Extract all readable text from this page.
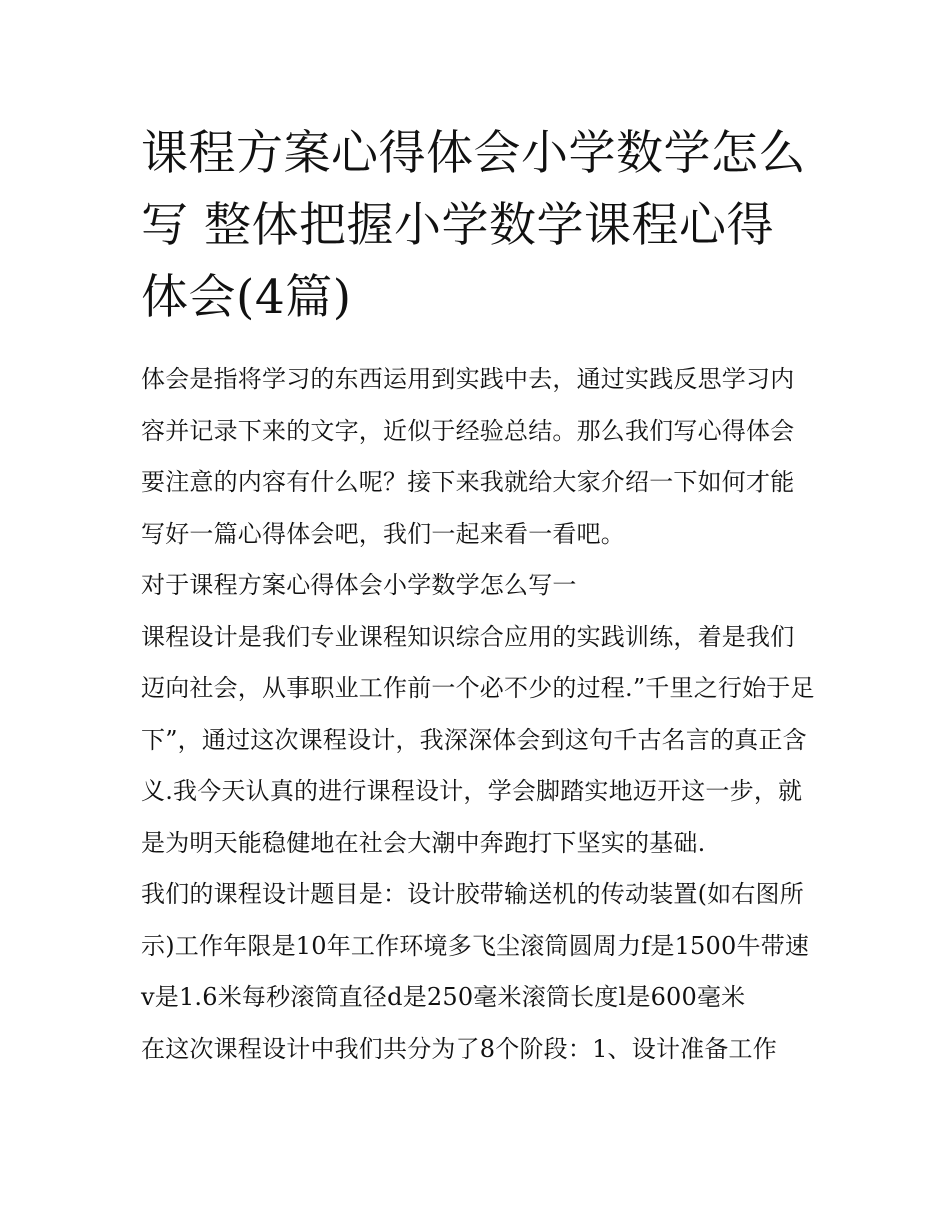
课程方案心得体会小学数学怎么写 整体把握小学数学课程心得体会(4篇)

体会是指将学习的东西运用到实践中去，通过实践反思学习内容并记录下来的文字，近似于经验总结。那么我们写心得体会要注意的内容有什么呢？接下来我就给大家介绍一下如何才能写好一篇心得体会吧，我们一起来看一看吧。

对于课程方案心得体会小学数学怎么写一

课程设计是我们专业课程知识综合应用的实践训练，着是我们迈向社会，从事职业工作前一个必不少的过程.”千里之行始于足下”，通过这次课程设计，我深深体会到这句千古名言的真正含义.我今天认真的进行课程设计，学会脚踏实地迈开这一步，就是为明天能稳健地在社会大潮中奔跑打下坚实的基础.

我们的课程设计题目是：设计胶带输送机的传动装置(如右图所示)工作年限是10年工作环境多飞尘滚筒圆周力f是1500牛带速v是1.6米每秒滚筒直径d是250毫米滚筒长度l是600毫米

在这次课程设计中我们共分为了8个阶段：1、设计准备工作
